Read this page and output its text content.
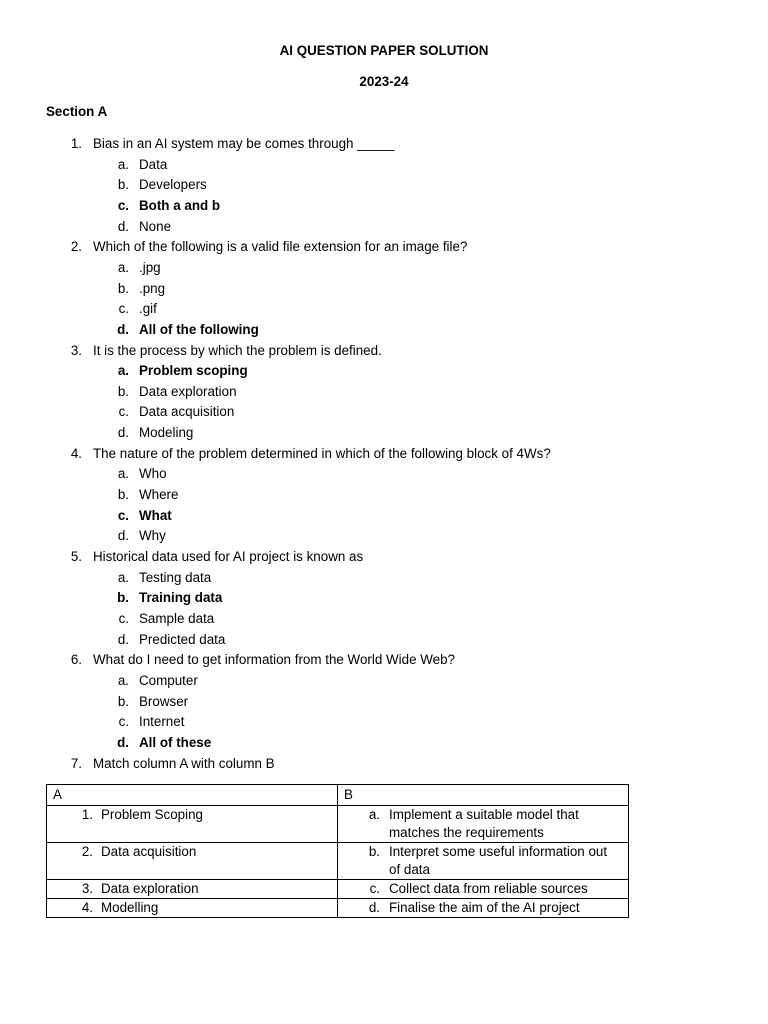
AI QUESTION PAPER SOLUTION
2023-24
Section A
1. Bias in an AI system may be comes through _____
a. Data
b. Developers
c. Both a and b
d. None
2. Which of the following is a valid file extension for an image file?
a. .jpg
b. .png
c. .gif
d. All of the following
3. It is the process by which the problem is defined.
a. Problem scoping
b. Data exploration
c. Data acquisition
d. Modeling
4. The nature of the problem determined in which of the following block of 4Ws?
a. Who
b. Where
c. What
d. Why
5. Historical data used for AI project is known as
a. Testing data
b. Training data
c. Sample data
d. Predicted data
6. What do I need to get information from the World Wide Web?
a. Computer
b. Browser
c. Internet
d. All of these
7. Match column A with column B
A	B

1. Problem Scoping	a. Implement a suitable model that matches the requirements

2. Data acquisition	b. Interpret some useful information out of data

3. Data exploration	c. Collect data from reliable sources

4. Modelling	d. Finalise the aim of the AI project
